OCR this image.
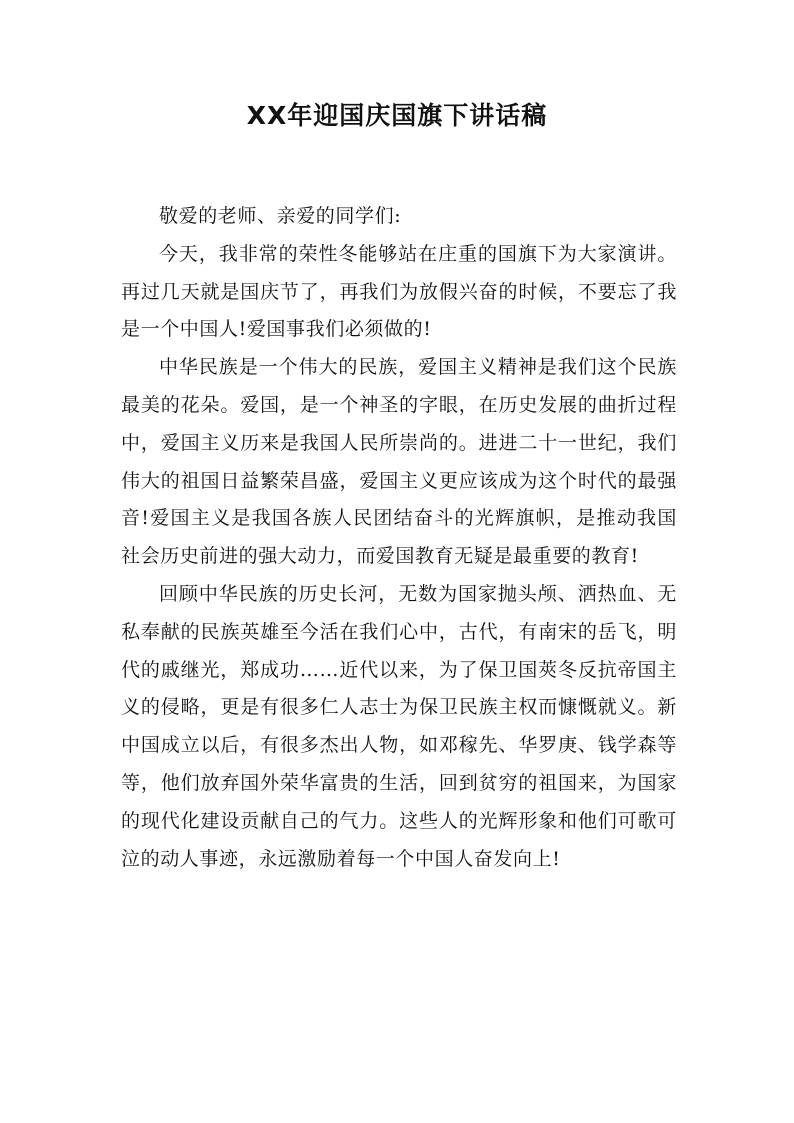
XX年迎国庆国旗下讲话稿

敬爱的老师、亲爱的同学们:

今天，我非常的荣性冬能够站在庄重的国旗下为大家演讲。再过几天就是国庆节了，再我们为放假兴奋的时候，不要忘了我是一个中国人!爱国事我们必须做的!

中华民族是一个伟大的民族，爱国主义精神是我们这个民族最美的花朵。爱国，是一个神圣的字眼，在历史发展的曲折过程中，爱国主义历来是我国人民所崇尚的。进进二十一世纪，我们伟大的祖国日益繁荣昌盛，爱国主义更应该成为这个时代的最强音!爱国主义是我国各族人民团结奋斗的光辉旗帜，是推动我国社会历史前进的强大动力，而爱国教育无疑是最重要的教育!

回顾中华民族的历史长河，无数为国家抛头颅、洒热血、无私奉献的民族英雄至今活在我们心中，古代，有南宋的岳飞，明代的戚继光，郑成功……近代以来，为了保卫国莢冬反抗帝国主义的侵略，更是有很多仁人志士为保卫民族主权而慷慨就义。新中国成立以后，有很多杰出人物，如邓稼先、华罗庚、钱学森等等，他们放弃国外荣华富贵的生活，回到贫穷的祖国来，为国家的现代化建设贡献自己的气力。这些人的光辉形象和他们可歌可泣的动人事迹，永远激励着每一个中国人奋发向上!
